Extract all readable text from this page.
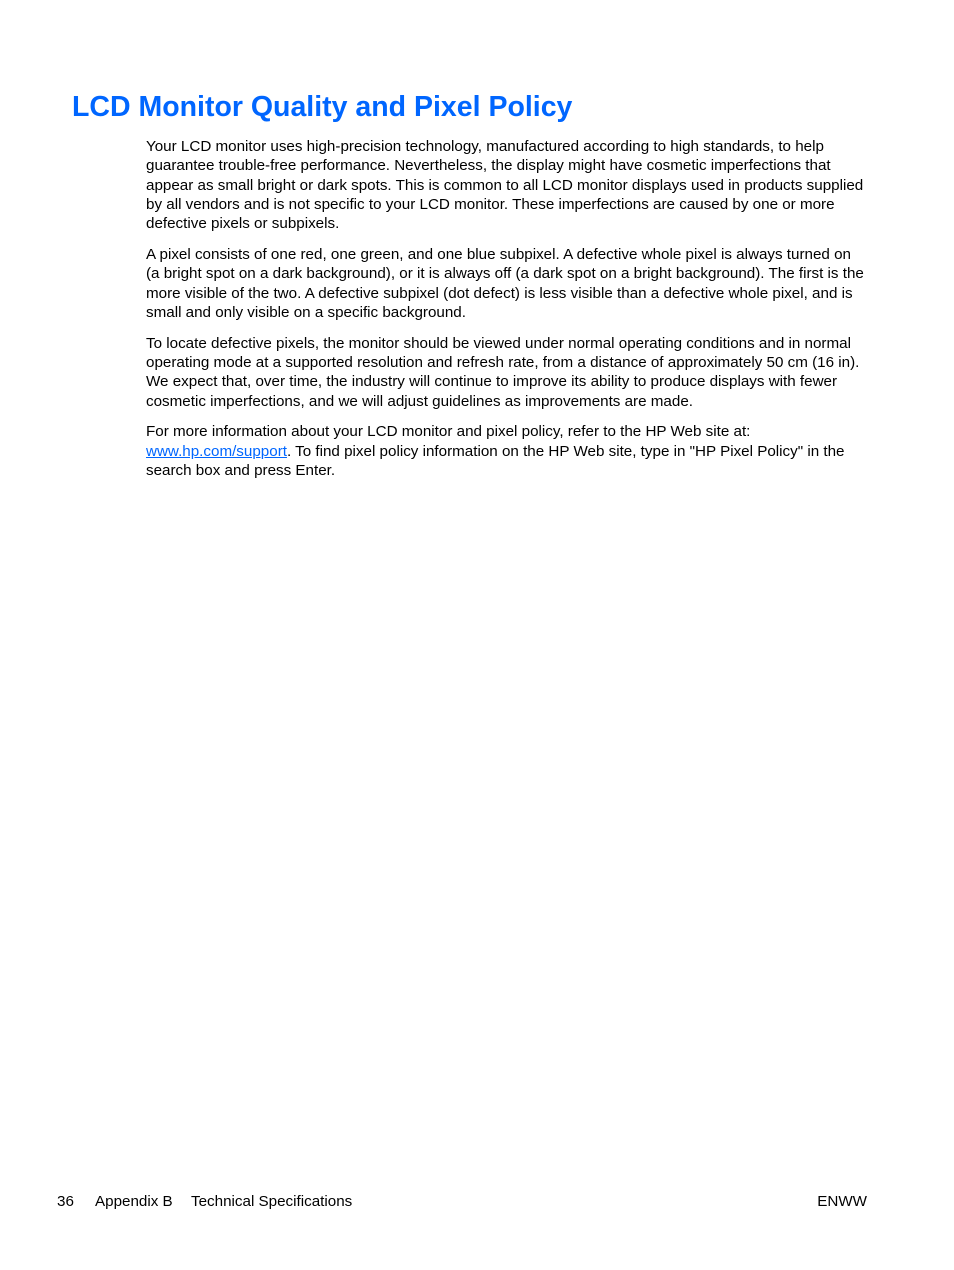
LCD Monitor Quality and Pixel Policy

Your LCD monitor uses high-precision technology, manufactured according to high standards, to help guarantee trouble-free performance. Nevertheless, the display might have cosmetic imperfections that appear as small bright or dark spots. This is common to all LCD monitor displays used in products supplied by all vendors and is not specific to your LCD monitor. These imperfections are caused by one or more defective pixels or subpixels.

A pixel consists of one red, one green, and one blue subpixel. A defective whole pixel is always turned on (a bright spot on a dark background), or it is always off (a dark spot on a bright background). The first is the more visible of the two. A defective subpixel (dot defect) is less visible than a defective whole pixel, and is small and only visible on a specific background.

To locate defective pixels, the monitor should be viewed under normal operating conditions and in normal operating mode at a supported resolution and refresh rate, from a distance of approximately 50 cm (16 in). We expect that, over time, the industry will continue to improve its ability to produce displays with fewer cosmetic imperfections, and we will adjust guidelines as improvements are made.

For more information about your LCD monitor and pixel policy, refer to the HP Web site at: www.hp.com/support. To find pixel policy information on the HP Web site, type in "HP Pixel Policy" in the search box and press Enter.

36 Appendix B Technical Specifications	ENWW
